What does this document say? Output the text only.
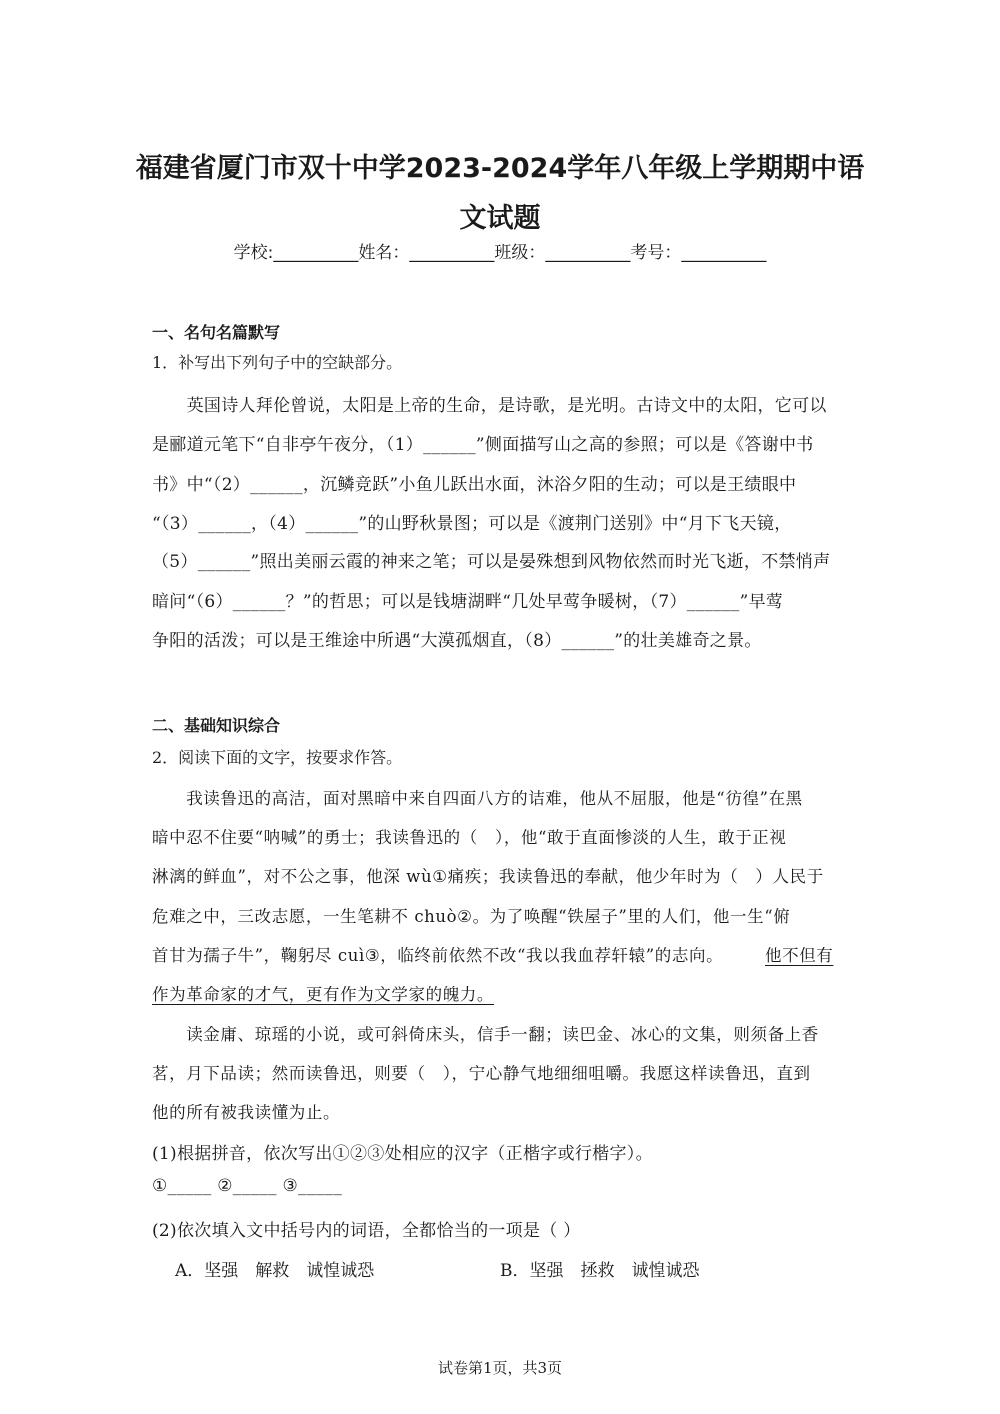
福建省厦门市双十中学2023-2024学年八年级上学期期中语
文试题
学校:__________姓名：__________班级：__________考号：__________
一、名句名篇默写
1．补写出下列句子中的空缺部分。
　　英国诗人拜伦曾说，太阳是上帝的生命，是诗歌，是光明。古诗文中的太阳，它可以
是郦道元笔下“自非亭午夜分，（1）______”侧面描写山之高的参照；可以是《答谢中书
书》中“（2）______，沉鳞竞跃”小鱼儿跃出水面，沐浴夕阳的生动；可以是王绩眼中
“（3）______，（4）______”的山野秋景图；可以是《渡荆门送别》中“月下飞天镜，
（5）______”照出美丽云霞的神来之笔；可以是晏殊想到风物依然而时光飞逝，不禁悄声
暗问“（6）______？”的哲思；可以是钱塘湖畔“几处早莺争暖树，（7）______”早莺
争阳的活泼；可以是王维途中所遇“大漠孤烟直，（8）______”的壮美雄奇之景。
二、基础知识综合
2．阅读下面的文字，按要求作答。
　　我读鲁迅的高洁，面对黑暗中来自四面八方的诘难，他从不屈服，他是“彷徨”在黑
暗中忍不住要“呐喊”的勇士；我读鲁迅的（　），他“敢于直面惨淡的人生，敢于正视
淋漓的鲜血”，对不公之事，他深 wù①痛疾；我读鲁迅的奉献，他少年时为（　）人民于
危难之中，三改志愿，一生笔耕不 chuò②。为了唤醒“铁屋子”里的人们，他一生“俯
首甘为孺子牛”，鞠躬尽 cuì③，临终前依然不改“我以我血荐轩辕”的志向。	他不但有
作为革命家的才气，更有作为文学家的魄力。
　　读金庸、琼瑶的小说，或可斜倚床头，信手一翻；读巴金、冰心的文集，则须备上香
茗，月下品读；然而读鲁迅，则要（　），宁心静气地细细咀嚼。我愿这样读鲁迅，直到
他的所有被我读懂为止。
(1)根据拼音，依次写出①②③处相应的汉字（正楷字或行楷字）。
①_____ ②_____ ③_____
(2)依次填入文中括号内的词语，全都恰当的一项是（ ）
A．坚强　解救　诚惶诚恐	B．坚强　拯救　诚惶诚恐
试卷第1页，共3页
